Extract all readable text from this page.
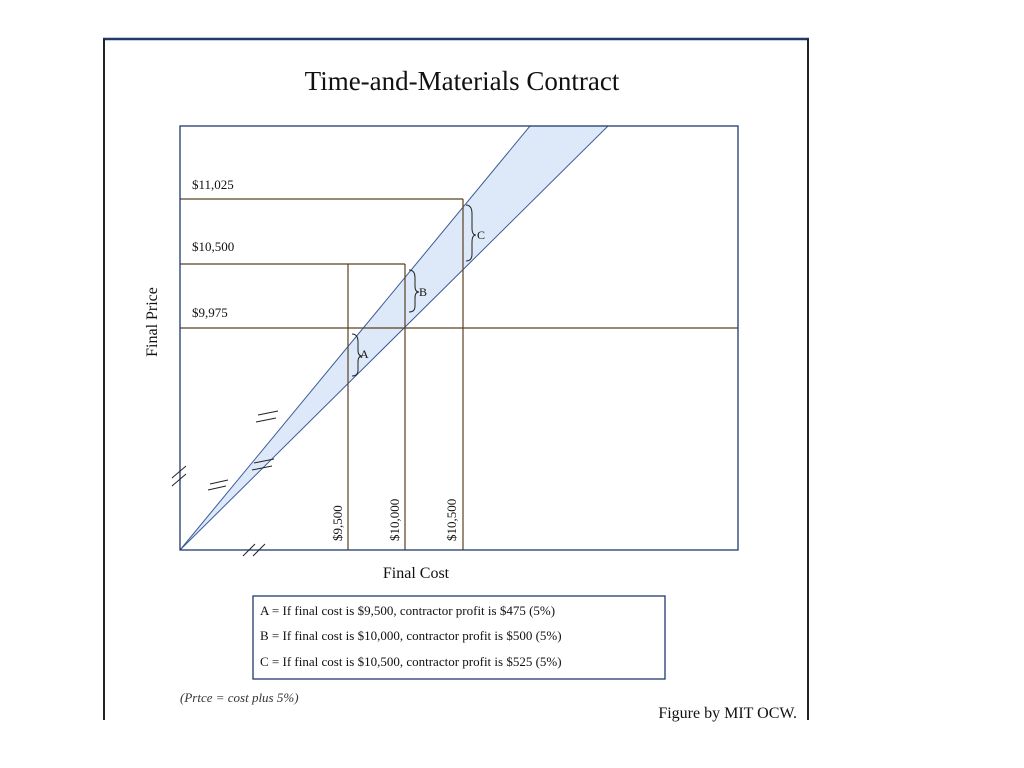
Time-and-Materials Contract
$11,025
$10,500
$9,975
$9,500	$10,000	$10,500
A
B
C
Final Price
Final Cost
A = If final cost is $9,500, contractor profit is $475 (5%)
B = If final cost is $10,000, contractor profit is $500 (5%)
C = If final cost is $10,500, contractor profit is $525 (5%)
(Prtce = cost plus 5%)
Figure by MIT OCW.
